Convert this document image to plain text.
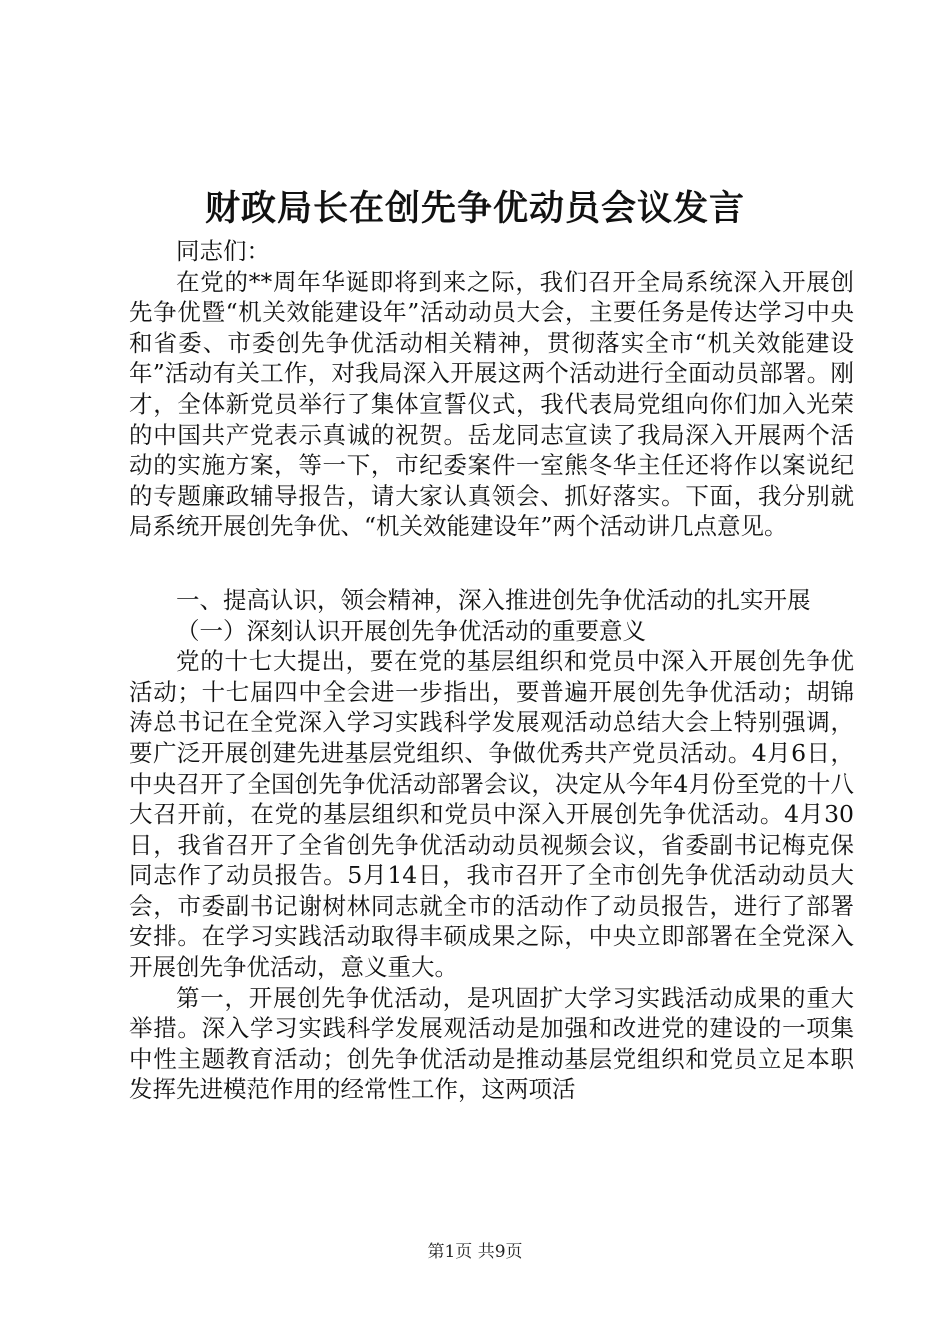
财政局长在创先争优动员会议发言

同志们：

在党的**周年华诞即将到来之际，我们召开全局系统深入开展创先争优暨“机关效能建设年”活动动员大会，主要任务是传达学习中央和省委、市委创先争优活动相关精神，贯彻落实全市“机关效能建设年”活动有关工作，对我局深入开展这两个活动进行全面动员部署。刚才，全体新党员举行了集体宣誓仪式，我代表局党组向你们加入光荣的中国共产党表示真诚的祝贺。岳龙同志宣读了我局深入开展两个活动的实施方案，等一下，市纪委案件一室熊冬华主任还将作以案说纪的专题廉政辅导报告，请大家认真领会、抓好落实。下面，我分别就局系统开展创先争优、“机关效能建设年”两个活动讲几点意见。

一、提高认识，领会精神，深入推进创先争优活动的扎实开展

（一）深刻认识开展创先争优活动的重要意义

党的十七大提出，要在党的基层组织和党员中深入开展创先争优活动；十七届四中全会进一步指出，要普遍开展创先争优活动；胡锦涛总书记在全党深入学习实践科学发展观活动总结大会上特别强调，要广泛开展创建先进基层党组织、争做优秀共产党员活动。4月6日，中央召开了全国创先争优活动部署会议，决定从今年4月份至党的十八大召开前，在党的基层组织和党员中深入开展创先争优活动。4月30日，我省召开了全省创先争优活动动员视频会议，省委副书记梅克保同志作了动员报告。5月14日，我市召开了全市创先争优活动动员大会，市委副书记谢树林同志就全市的活动作了动员报告，进行了部署安排。在学习实践活动取得丰硕成果之际，中央立即部署在全党深入开展创先争优活动，意义重大。

第一，开展创先争优活动，是巩固扩大学习实践活动成果的重大举措。深入学习实践科学发展观活动是加强和改进党的建设的一项集中性主题教育活动；创先争优活动是推动基层党组织和党员立足本职发挥先进模范作用的经常性工作，这两项活

第1页 共9页
